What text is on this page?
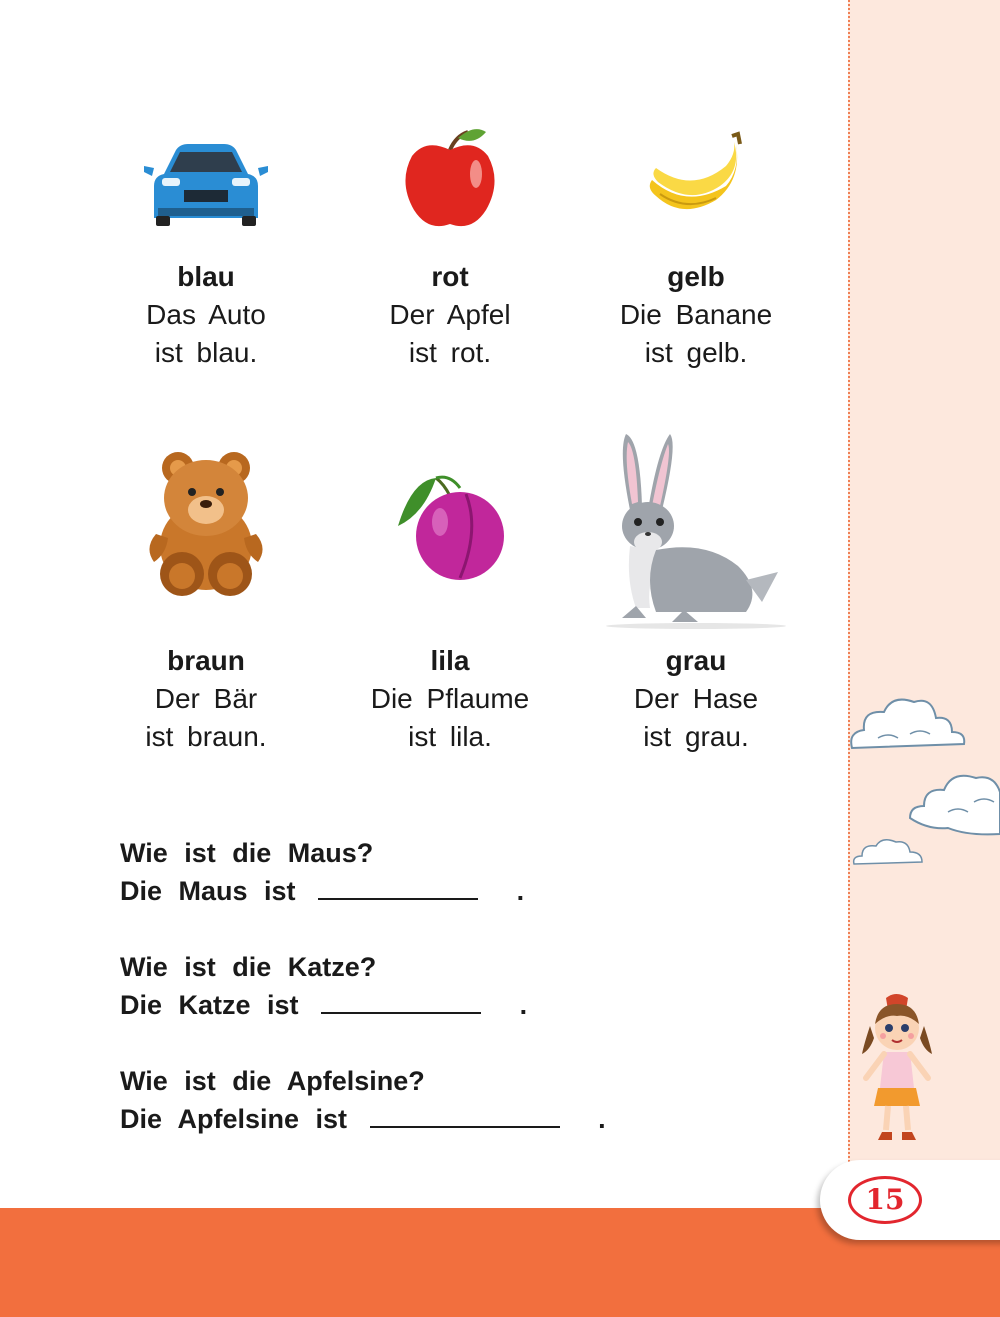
blau
Das Auto
ist blau.
rot
Der Apfel
ist rot.
gelb
Die Banane
ist gelb.
braun
Der Bär
ist braun.
lila
Die Pflaume
ist lila.
grau
Der Hase
ist grau.
Wie ist die Maus?
Die Maus ist	.
Wie ist die Katze?
Die Katze ist	.
Wie ist die Apfelsine?
Die Apfelsine ist	.
15
